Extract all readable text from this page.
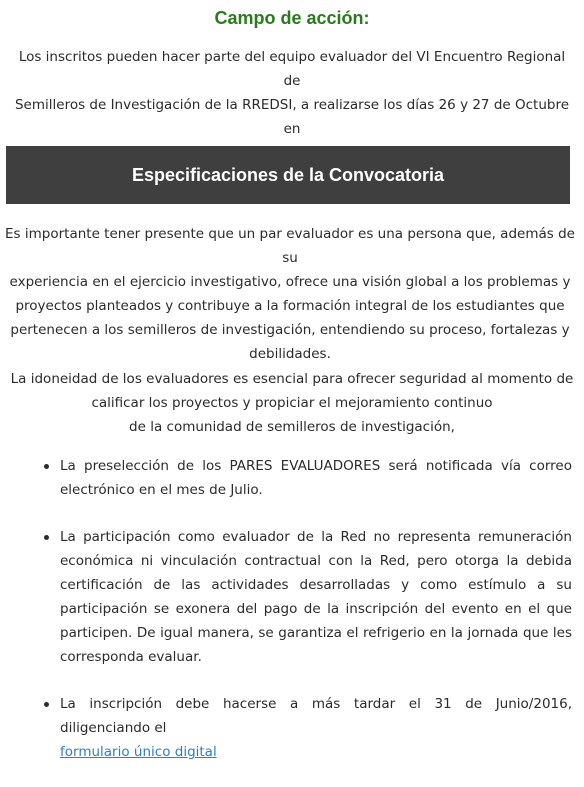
Campo de acción:
Los inscritos pueden hacer parte del equipo evaluador del VI Encuentro Regional de
Semilleros de Investigación de la RREDSI, a realizarse los días 26 y 27 de Octubre en
Especificaciones de la Convocatoria
Es importante tener presente que un par evaluador es una persona que, además de su
experiencia en el ejercicio investigativo, ofrece una visión global a los problemas y
proyectos planteados y contribuye a la formación integral de los estudiantes que
pertenecen a los semilleros de investigación, entendiendo su proceso, fortalezas y
debilidades.
La idoneidad de los evaluadores es esencial para ofrecer seguridad al momento de
calificar los proyectos y propiciar el mejoramiento continuo
de la comunidad de semilleros de investigación,
La preselección de los PARES EVALUADORES será notificada vía correo electrónico en el mes de Julio.
La participación como evaluador de la Red no representa remuneración económica ni vinculación contractual con la Red, pero otorga la debida certificación de las actividades desarrolladas y como estímulo a su participación se exonera del pago de la inscripción del evento en el que participen. De igual manera, se garantiza el refrigerio en la jornada que les corresponda evaluar.
La inscripción debe hacerse a más tardar el 31 de Junio/2016, diligenciando el
formulario único digital
